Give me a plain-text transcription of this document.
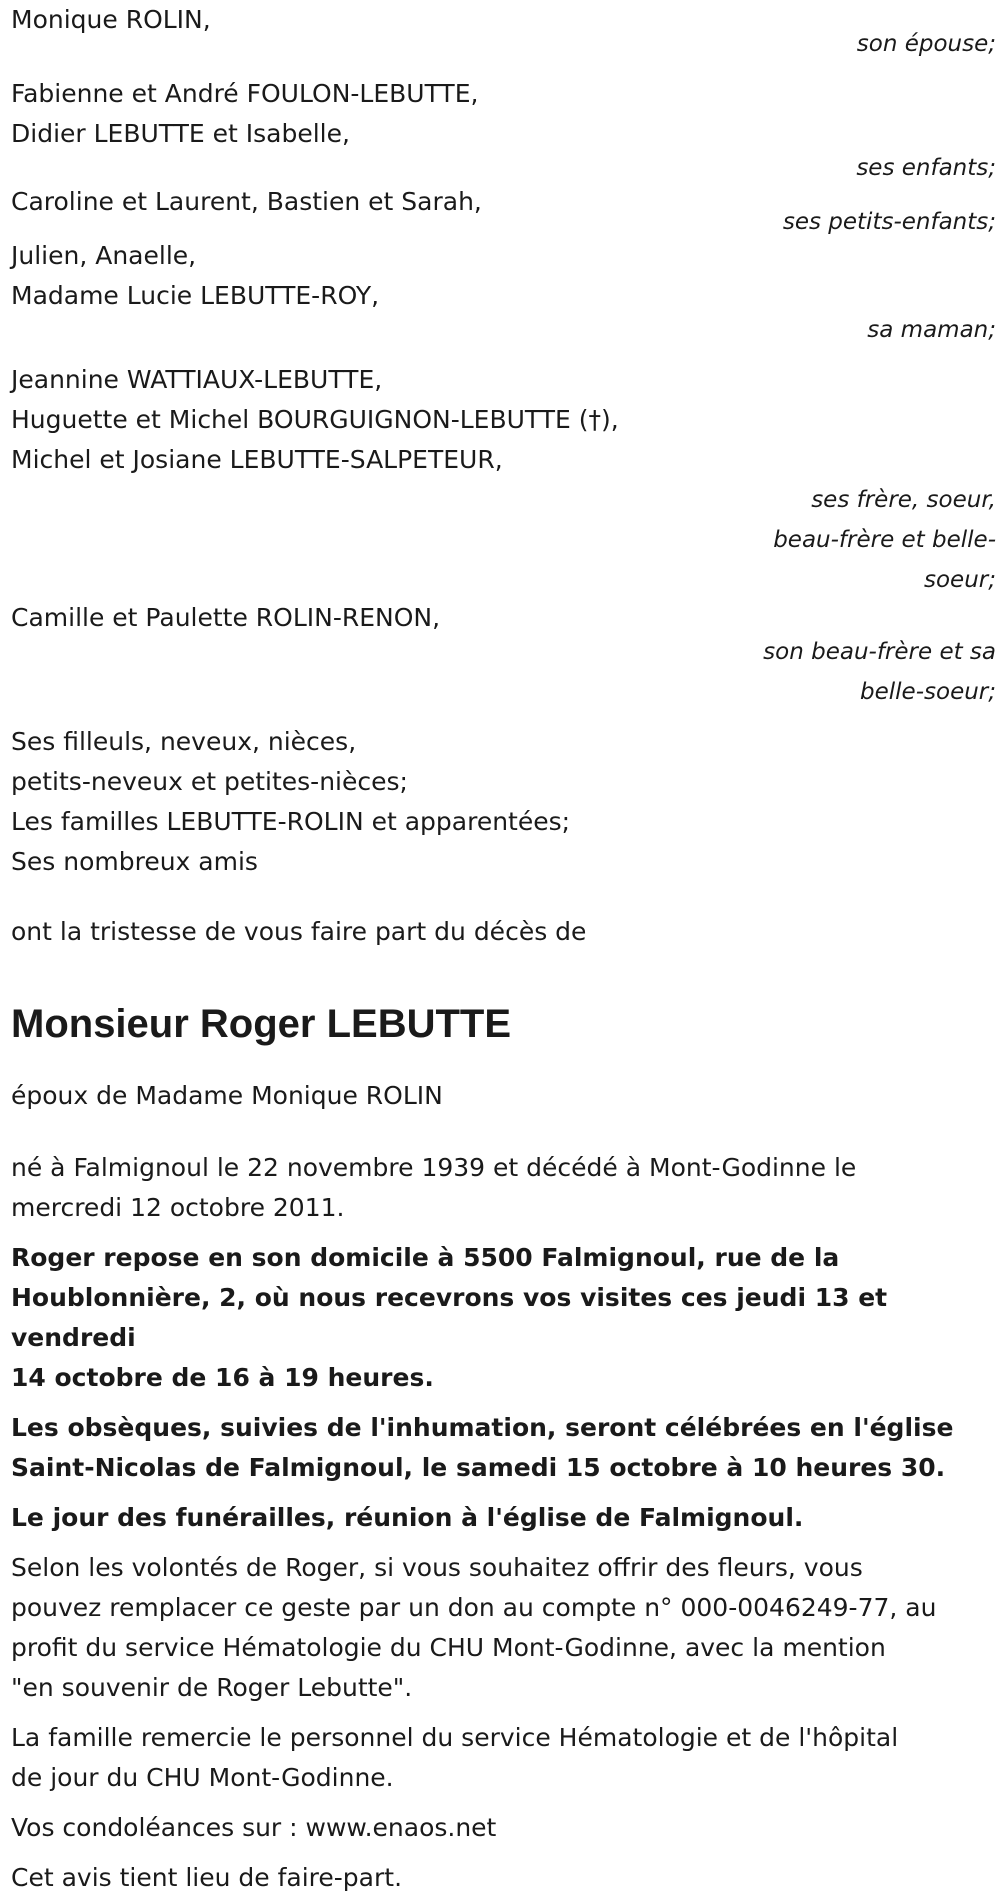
Monique ROLIN,
son épouse;
Fabienne et André FOULON-LEBUTTE,
Didier LEBUTTE et Isabelle,
ses enfants;
Caroline et Laurent, Bastien et Sarah,
ses petits-enfants;
Julien, Anaelle,
Madame Lucie LEBUTTE-ROY,
sa maman;
Jeannine WATTIAUX-LEBUTTE,
Huguette et Michel BOURGUIGNON-LEBUTTE (†),
Michel et Josiane LEBUTTE-SALPETEUR,
ses frère, soeur,
beau-frère et belle-
soeur;
Camille et Paulette ROLIN-RENON,
son beau-frère et sa
belle-soeur;
Ses filleuls, neveux, nièces,
petits-neveux et petites-nièces;
Les familles LEBUTTE-ROLIN et apparentées;
Ses nombreux amis
ont la tristesse de vous faire part du décès de
Monsieur Roger LEBUTTE
époux de Madame Monique ROLIN
né à Falmignoul le 22 novembre 1939 et décédé à Mont-Godinne le
mercredi 12 octobre 2011.
Roger repose en son domicile à 5500 Falmignoul, rue de la
Houblonnière, 2, où nous recevrons vos visites ces jeudi 13 et vendredi
14 octobre de 16 à 19 heures.
Les obsèques, suivies de l'inhumation, seront célébrées en l'église
Saint-Nicolas de Falmignoul, le samedi 15 octobre à 10 heures 30.
Le jour des funérailles, réunion à l'église de Falmignoul.
Selon les volontés de Roger, si vous souhaitez offrir des fleurs, vous
pouvez remplacer ce geste par un don au compte n° 000-0046249-77, au
profit du service Hématologie du CHU Mont-Godinne, avec la mention
"en souvenir de Roger Lebutte".
La famille remercie le personnel du service Hématologie et de l'hôpital
de jour du CHU Mont-Godinne.
Vos condoléances sur : www.enaos.net
Cet avis tient lieu de faire-part.
